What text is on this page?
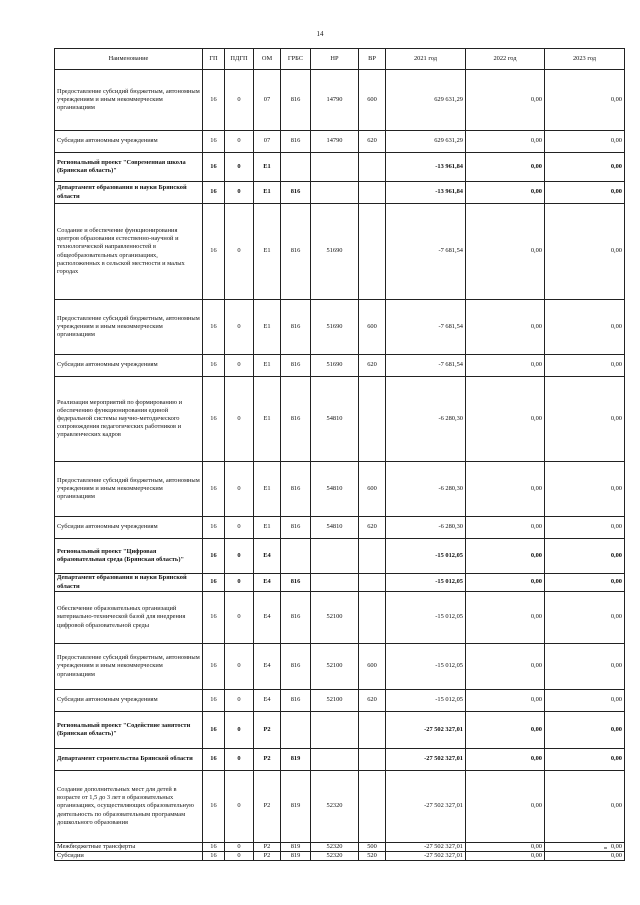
14
Наименование	ГП	ПДГП	ОМ	ГРБС	НР	ВР	2021 год	2022 год	2023 год
Предоставление субсидий бюджетным, автономным учреждениям и иным некоммерческим организациям	16	0	07	816	14790	600	629 631,29	0,00	0,00
Субсидии автономным учреждениям	16	0	07	816	14790	620	629 631,29	0,00	0,00
Региональный проект "Современная школа (Брянская область)"	16	0	E1				-13 961,84	0,00	0,00
Департамент образования и науки Брянской области	16	0	E1	816			-13 961,84	0,00	0,00
Создание и обеспечение функционирования центров образования естественно-научной и технологической направленностей в общеобразовательных организациях, расположенных в сельской местности и малых городах	16	0	E1	816	51690		-7 681,54	0,00	0,00
Предоставление субсидий бюджетным, автономным учреждениям и иным некоммерческим организациям	16	0	E1	816	51690	600	-7 681,54	0,00	0,00
Субсидии автономным учреждениям	16	0	E1	816	51690	620	-7 681,54	0,00	0,00
Реализация мероприятий по формированию и обеспечению функционирования единой федеральной системы научно-методического сопровождения педагогических работников и управленческих кадров	16	0	E1	816	54810		-6 280,30	0,00	0,00
Предоставление субсидий бюджетным, автономным учреждениям и иным некоммерческим организациям	16	0	E1	816	54810	600	-6 280,30	0,00	0,00
Субсидии автономным учреждениям	16	0	E1	816	54810	620	-6 280,30	0,00	0,00
Региональный проект "Цифровая образовательная среда (Брянская область)"	16	0	E4				-15 012,05	0,00	0,00
Департамент образования и науки Брянской области	16	0	E4	816			-15 012,05	0,00	0,00
Обеспечение образовательных организаций материально-технической базой для внедрения цифровой образовательной среды	16	0	E4	816	52100		-15 012,05	0,00	0,00
Предоставление субсидий бюджетным, автономным учреждениям и иным некоммерческим организациям	16	0	E4	816	52100	600	-15 012,05	0,00	0,00
Субсидии автономным учреждениям	16	0	E4	816	52100	620	-15 012,05	0,00	0,00
Региональный проект "Содействие занятости (Брянская область)"	16	0	P2				-27 502 327,01	0,00	0,00
Департамент строительства Брянской области	16	0	P2	819			-27 502 327,01	0,00	0,00
Создание дополнительных мест для детей в возрасте от 1,5 до 3 лет в образовательных организациях, осуществляющих образовательную деятельность по образовательным программам дошкольного образования	16	0	P2	819	52320		-27 502 327,01	0,00	0,00
Межбюджетные трансферты	16	0	P2	819	52320	500	-27 502 327,01	0,00	0,00
Субсидии	16	0	P2	819	52320	520	-27 502 327,01	0,00	0,00
